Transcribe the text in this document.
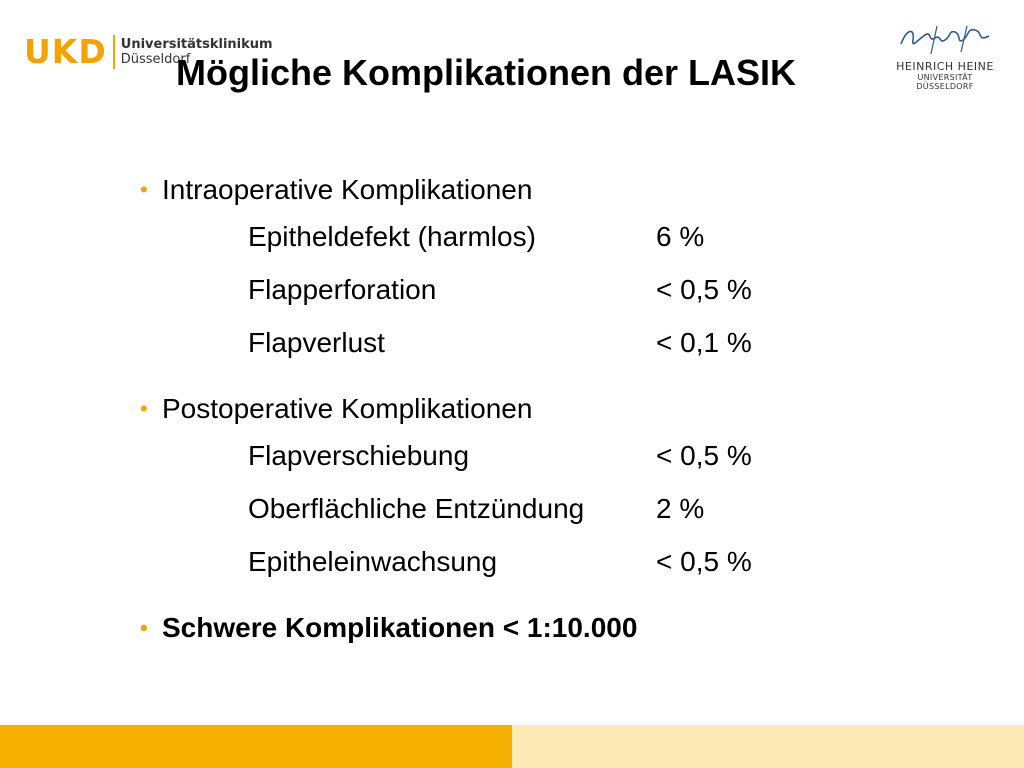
UKD Universitätsklinikum
Düsseldorf	HEINRICH HEINE
UNIVERSITÄT DÜSSELDORF
Mögliche Komplikationen der LASIK
• Intraoperative Komplikationen
Epitheldefekt (harmlos)	6 %
Flapperforation	< 0,5 %
Flapverlust	< 0,1 %
• Postoperative Komplikationen
Flapverschiebung	< 0,5 %
Oberflächliche Entzündung	2 %
Epitheleinwachsung	< 0,5 %
• Schwere Komplikationen < 1:10.000
